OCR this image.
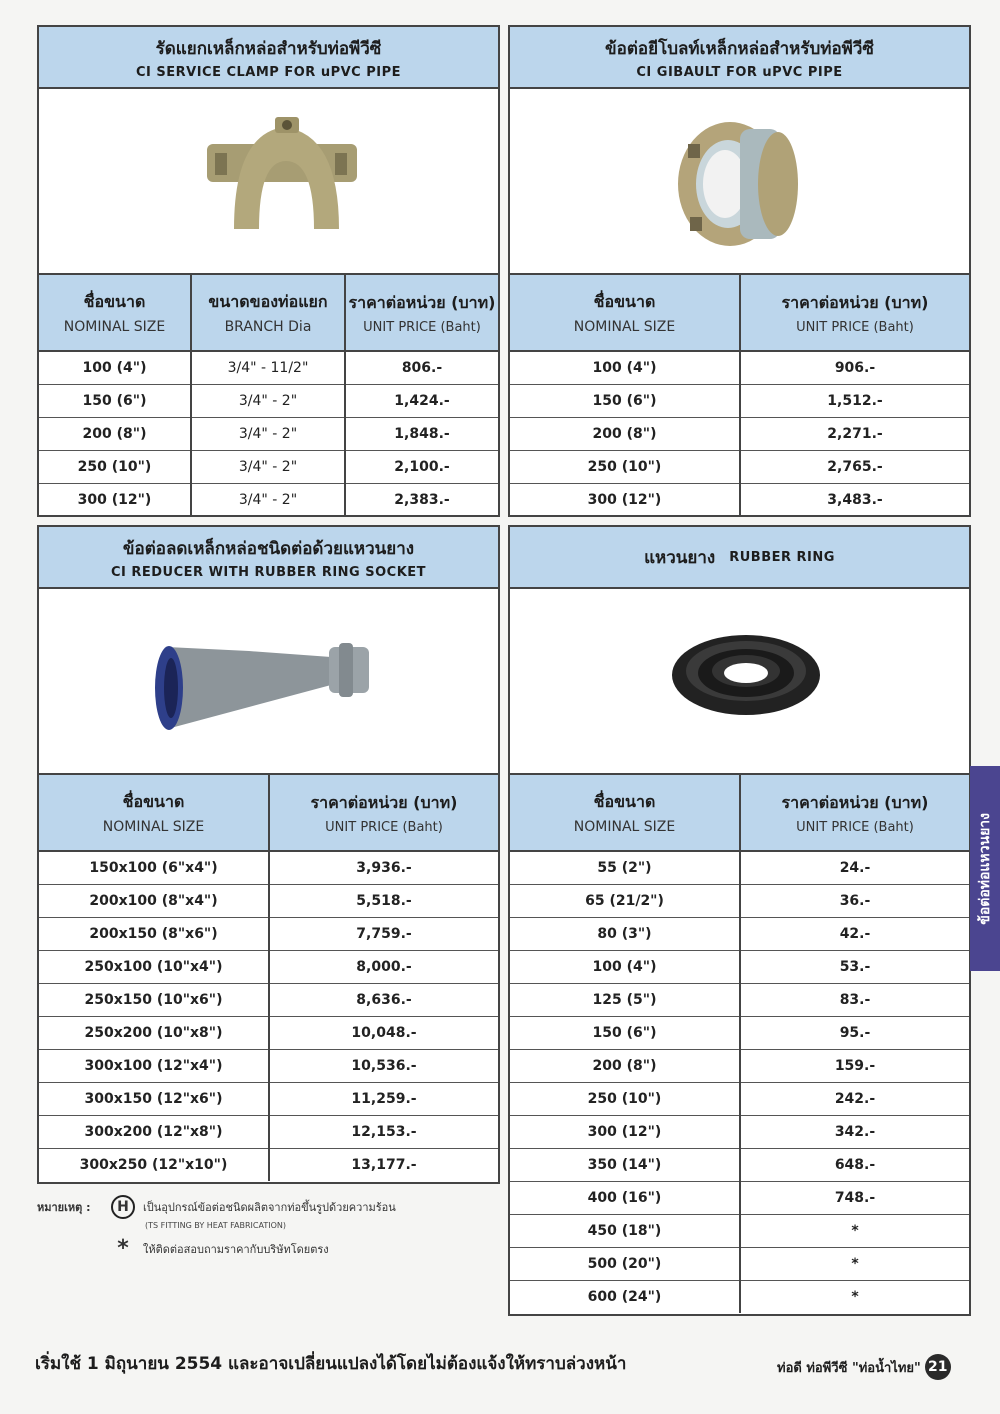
รัดแยกเหล็กหล่อสำหรับท่อพีวีซี
CI SERVICE CLAMP FOR uPVC PIPE
ชื่อขนาด
NOMINAL SIZE	ขนาดของท่อแยก
BRANCH Dia	ราคาต่อหน่วย (บาท)
UNIT PRICE (Baht)

100 (4")	3/4" - 11/2"	806.-
150 (6")	3/4" - 2"	1,424.-
200 (8")	3/4" - 2"	1,848.-
250 (10")	3/4" - 2"	2,100.-
300 (12")	3/4" - 2"	2,383.-
ข้อต่อยีโบลท์เหล็กหล่อสำหรับท่อพีวีซี
CI GIBAULT FOR uPVC PIPE
ชื่อขนาด
NOMINAL SIZE	ราคาต่อหน่วย (บาท)
UNIT PRICE (Baht)

100 (4")	906.-
150 (6")	1,512.-
200 (8")	2,271.-
250 (10")	2,765.-
300 (12")	3,483.-
ข้อต่อลดเหล็กหล่อชนิดต่อด้วยแหวนยาง
CI REDUCER WITH RUBBER RING SOCKET
ชื่อขนาด
NOMINAL SIZE	ราคาต่อหน่วย (บาท)
UNIT PRICE (Baht)

150x100 (6"x4")	3,936.-
200x100 (8"x4")	5,518.-
200x150 (8"x6")	7,759.-
250x100 (10"x4")	8,000.-
250x150 (10"x6")	8,636.-
250x200 (10"x8")	10,048.-
300x100 (12"x4")	10,536.-
300x150 (12"x6")	11,259.-
300x200 (12"x8")	12,153.-
300x250 (12"x10")	13,177.-
แหวนยาง RUBBER RING
ชื่อขนาด
NOMINAL SIZE	ราคาต่อหน่วย (บาท)
UNIT PRICE (Baht)

55 (2")	24.-
65 (21/2")	36.-
80 (3")	42.-
100 (4")	53.-
125 (5")	83.-
150 (6")	95.-
200 (8")	159.-
250 (10")	242.-
300 (12")	342.-
350 (14")	648.-
400 (16")	748.-
450 (18")	*
500 (20")	*
600 (24")	*
ข้อต่อท่อแหวนยาง
หมายเหตุ :	H	เป็นอุปกรณ์ข้อต่อชนิดผลิตจากท่อขึ้นรูปด้วยความร้อน
(TS FITTING BY HEAT FABRICATION)
*	ให้ติดต่อสอบถามราคากับบริษัทโดยตรง
เริ่มใช้ 1 มิถุนายน 2554 และอาจเปลี่ยนแปลงได้โดยไม่ต้องแจ้งให้ทราบล่วงหน้า	ท่อดี ท่อพีวีซี "ท่อน้ำไทย" 21
